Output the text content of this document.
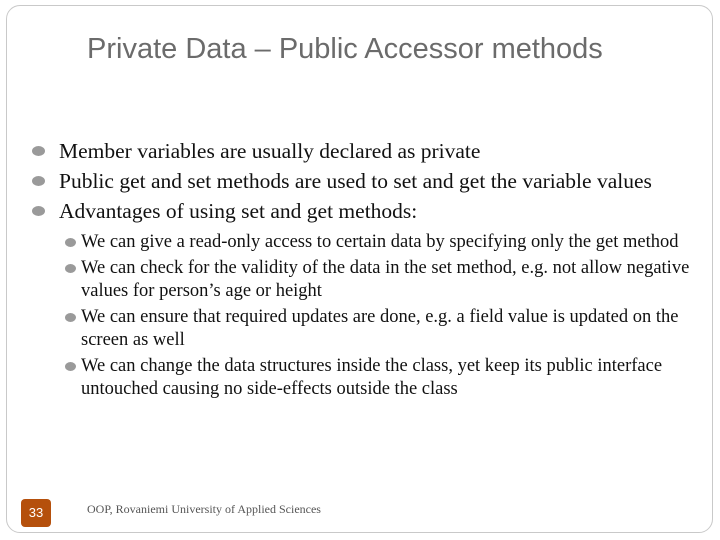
Private Data – Public Accessor methods
Member variables are usually declared as private
Public get and set methods are used to set and get the variable values
Advantages of using set and get methods:
We can give a read-only access to certain data by specifying only the get method
We can check for the validity of the data in the set method, e.g. not allow negative values for person’s age or height
We can ensure that required updates are done, e.g. a field value is updated on the screen as well
We can change the data structures inside the class, yet keep its public interface untouched causing no side-effects outside the class
33	OOP, Rovaniemi University of Applied Sciences
